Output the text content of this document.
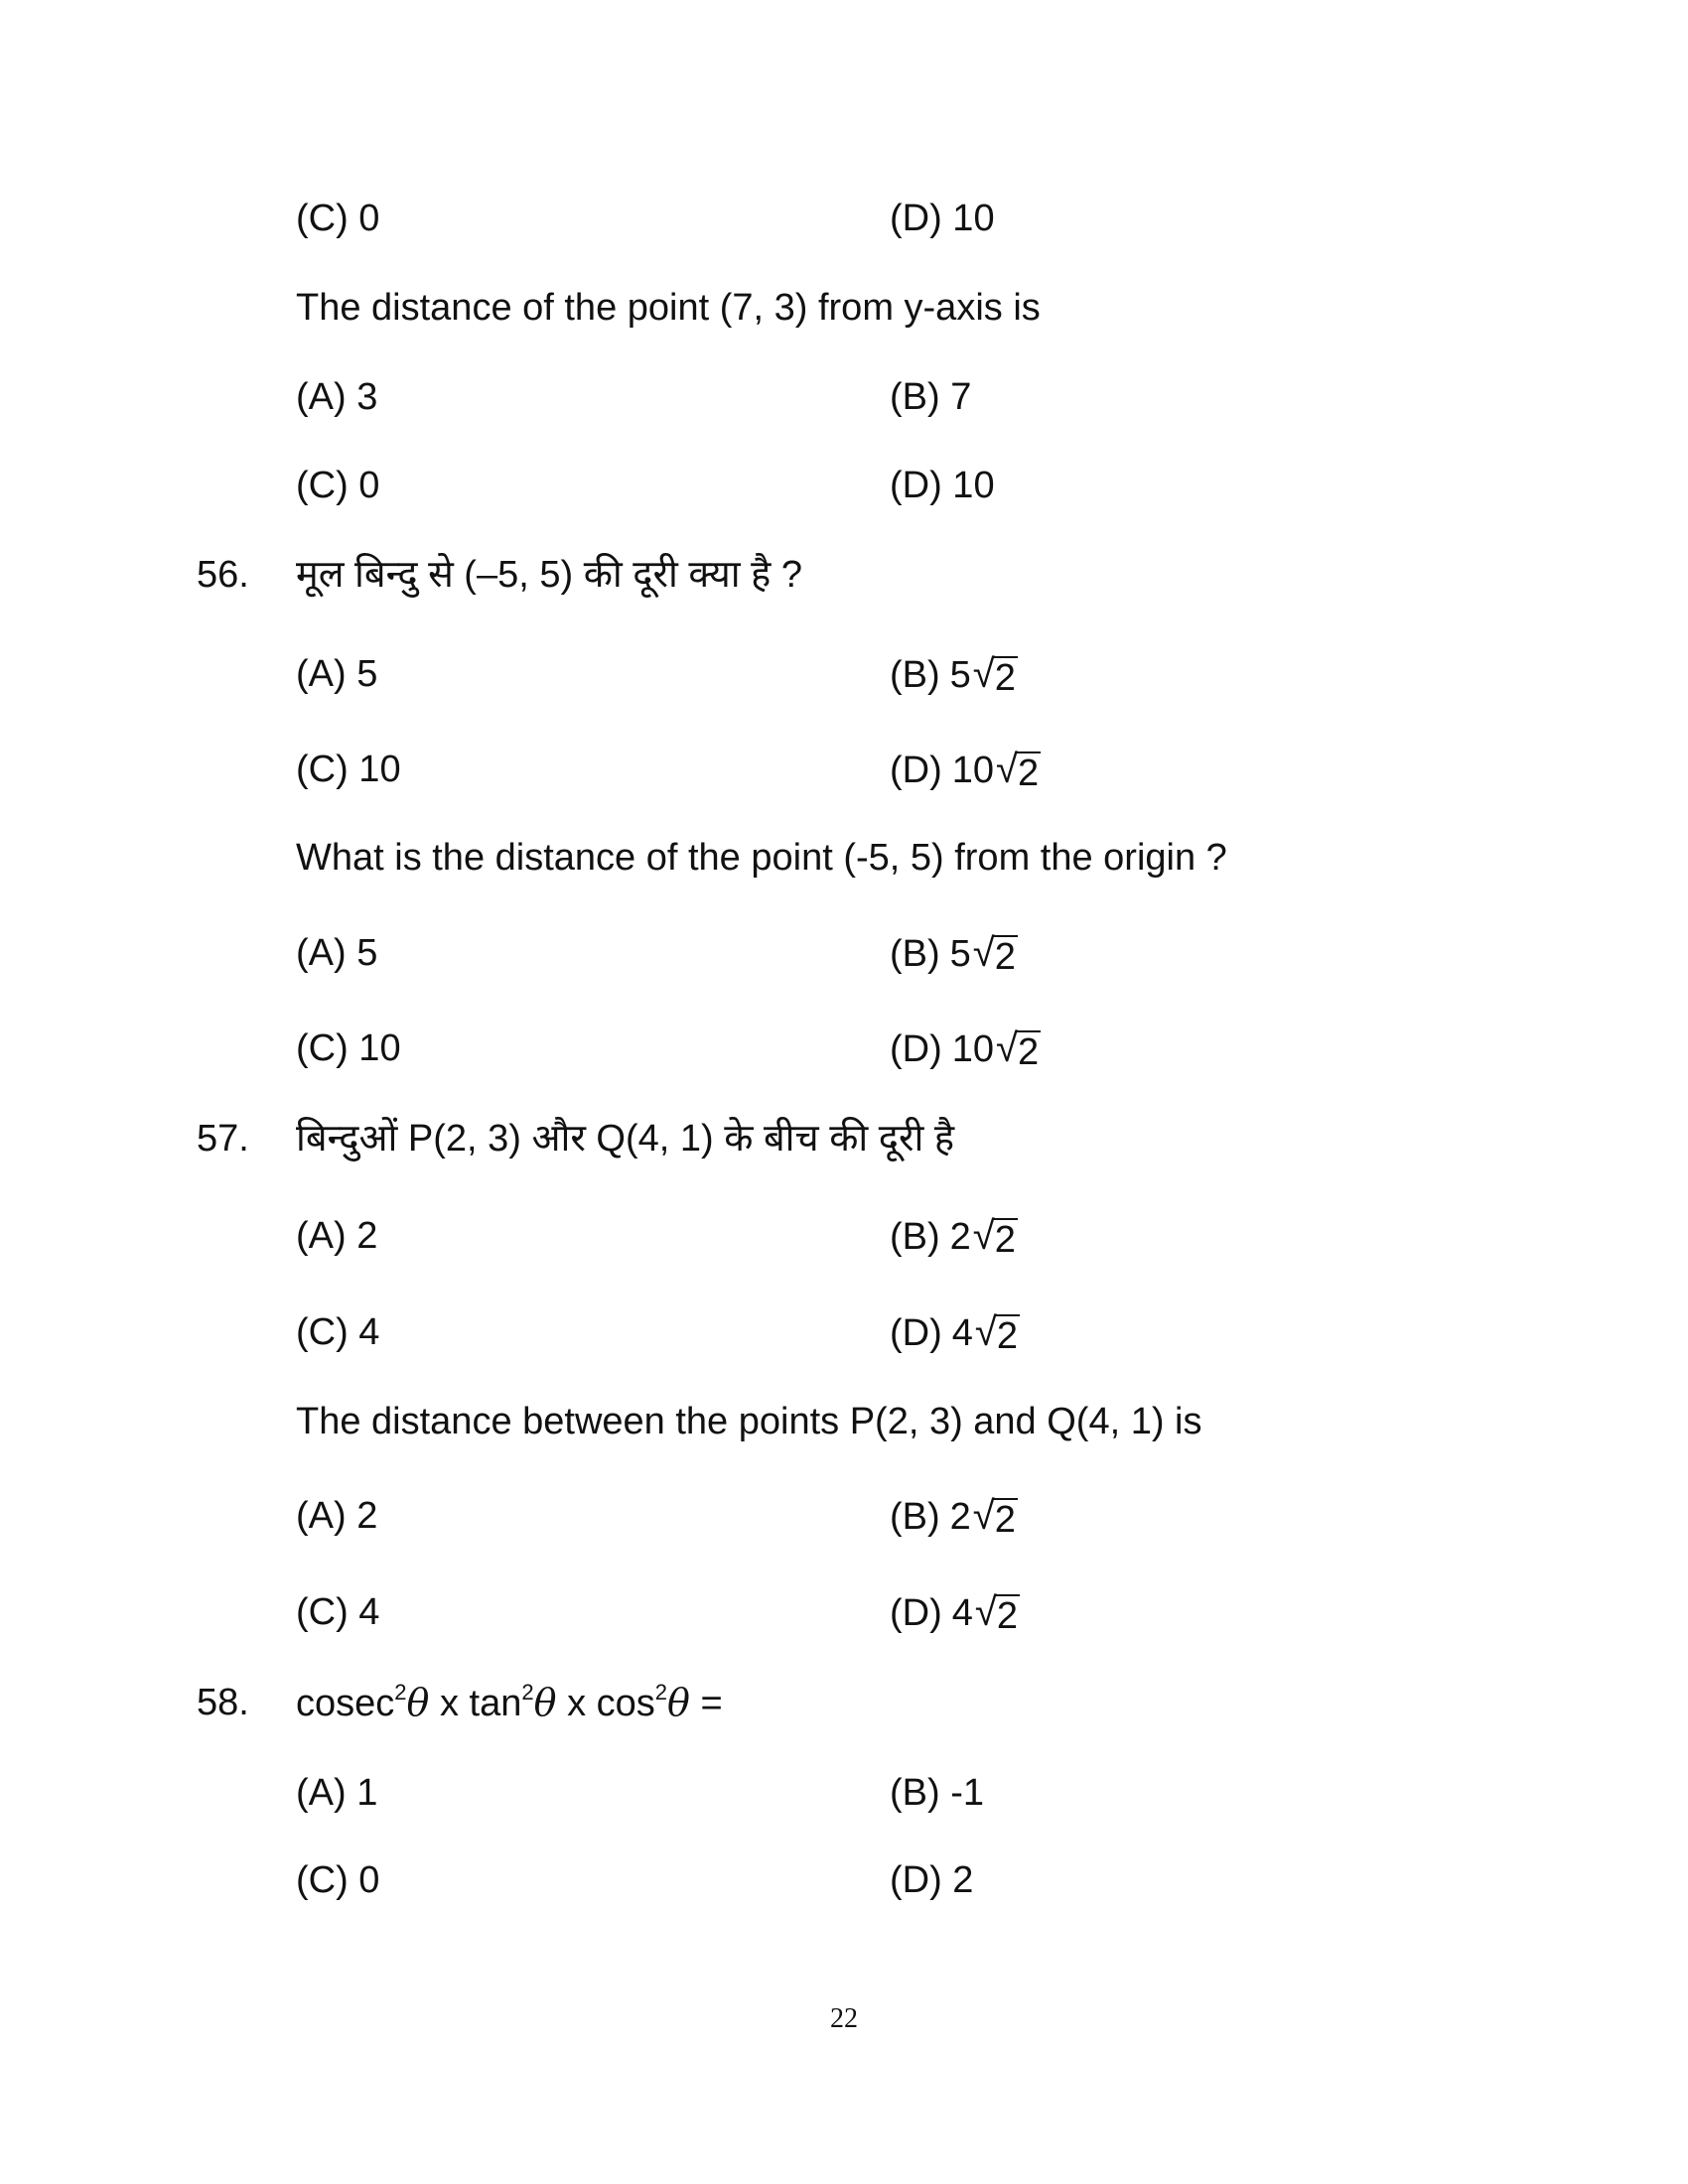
(C) 0	(D) 10
The distance of the point (7, 3) from y-axis is
(A) 3	(B) 7
(C) 0	(D) 10
56. मूल बिन्दु से (–5, 5) की दूरी क्या है ?
(A) 5	(B) 5 √ 2
(C) 10	(D) 10 √ 2
What is the distance of the point (-5, 5) from the origin ?
(A) 5	(B) 5 √ 2
(C) 10	(D) 10 √ 2
57. बिन्दुओं P(2, 3) और Q(4, 1) के बीच की दूरी है
(A) 2	(B) 2 √ 2
(C) 4	(D) 4 √ 2
The distance between the points P(2, 3) and Q(4, 1) is
(A) 2	(B) 2 √ 2
(C) 4	(D) 4 √ 2
58. cosec$^2$θ x $\tan^2\theta$ x $\cos^2\theta$ =
(A) 1	(B) -1
(C) 0	(D) 2
22
